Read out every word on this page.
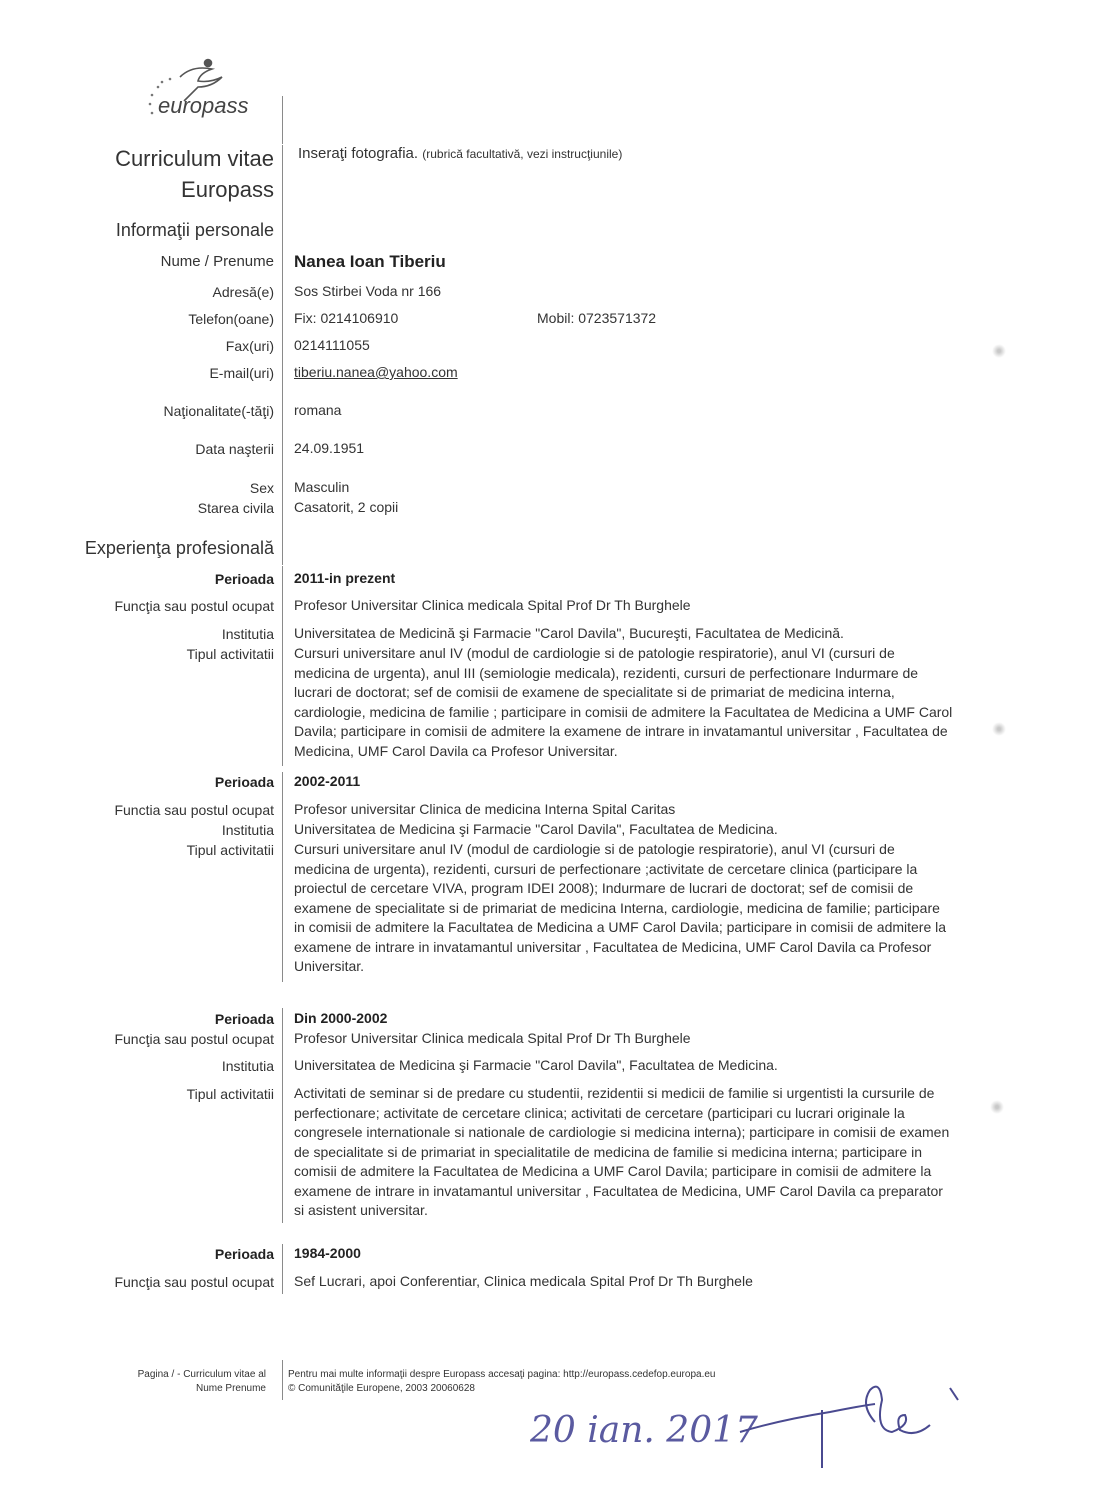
europass
Curriculum vitae
Europass
Inseraţi fotografia. (rubrică facultativă, vezi instrucţiunile)
Informaţii personale
Nume / Prenume Nanea Ioan Tiberiu
Adresă(e) Sos Stirbei Voda nr 166
Telefon(oane) Fix: 0214106910	Mobil: 0723571372
Fax(uri) 0214111055
E-mail(uri) tiberiu.nanea@yahoo.com
Naţionalitate(-tăţi) romana
Data naşterii 24.09.1951
Sex Masculin
Starea civila Casatorit, 2 copii
Experienţa profesională
Perioada 2011-in prezent
Funcţia sau postul ocupat Profesor Universitar Clinica medicala Spital Prof Dr Th Burghele
Institutia Universitatea de Medicină şi Farmacie "Carol Davila", Bucureşti, Facultatea de Medicină.
Tipul activitatii Cursuri universitare anul IV (modul de cardiologie si de patologie respiratorie), anul VI (cursuri de medicina de urgenta), anul III (semiologie medicala), rezidenti, cursuri de perfectionare Indurmare de lucrari de doctorat; sef de comisii de examene de specialitate si de primariat de medicina interna, cardiologie, medicina de familie ; participare in comisii de admitere la Facultatea de Medicina a UMF Carol Davila; participare in comisii de admitere la examene de intrare in invatamantul universitar , Facultatea de Medicina, UMF Carol Davila ca Profesor Universitar.
Perioada 2002-2011
Functia sau postul ocupat Profesor universitar Clinica de medicina Interna Spital Caritas
Institutia Universitatea de Medicina şi Farmacie "Carol Davila", Facultatea de Medicina.
Tipul activitatii Cursuri universitare anul IV (modul de cardiologie si de patologie respiratorie), anul VI (cursuri de medicina de urgenta), rezidenti, cursuri de perfectionare ;activitate de cercetare clinica (participare la proiectul de cercetare VIVA, program IDEI 2008); Indurmare de lucrari de doctorat; sef de comisii de examene de specialitate si de primariat de medicina Interna, cardiologie, medicina de familie; participare in comisii de admitere la Facultatea de Medicina a UMF Carol Davila; participare in comisii de admitere la examene de intrare in invatamantul universitar , Facultatea de Medicina, UMF Carol Davila ca Profesor Universitar.
Perioada Din 2000-2002
Funcţia sau postul ocupat Profesor Universitar Clinica medicala Spital Prof Dr Th Burghele
Institutia Universitatea de Medicina şi Farmacie "Carol Davila", Facultatea de Medicina.
Tipul activitatii Activitati de seminar si de predare cu studentii, rezidentii si medicii de familie si urgentisti la cursurile de perfectionare; activitate de cercetare clinica; activitati de cercetare (participari cu lucrari originale la congresele internationale si nationale de cardiologie si medicina interna); participare in comisii de examen de specialitate si de primariat in specialitatile de medicina de familie si medicina interna; participare in comisii de admitere la Facultatea de Medicina a UMF Carol Davila; participare in comisii de admitere la examene de intrare in invatamantul universitar , Facultatea de Medicina, UMF Carol Davila ca preparator si asistent universitar.
Perioada 1984-2000
Funcţia sau postul ocupat Sef Lucrari, apoi Conferentiar, Clinica medicala Spital Prof Dr Th Burghele
Pagina / - Curriculum vitae al
Nume Prenume
Pentru mai multe informaţii despre Europass accesaţi pagina: http://europass.cedefop.europa.eu
© Comunităţile Europene, 2003 20060628
20 ian. 2017
